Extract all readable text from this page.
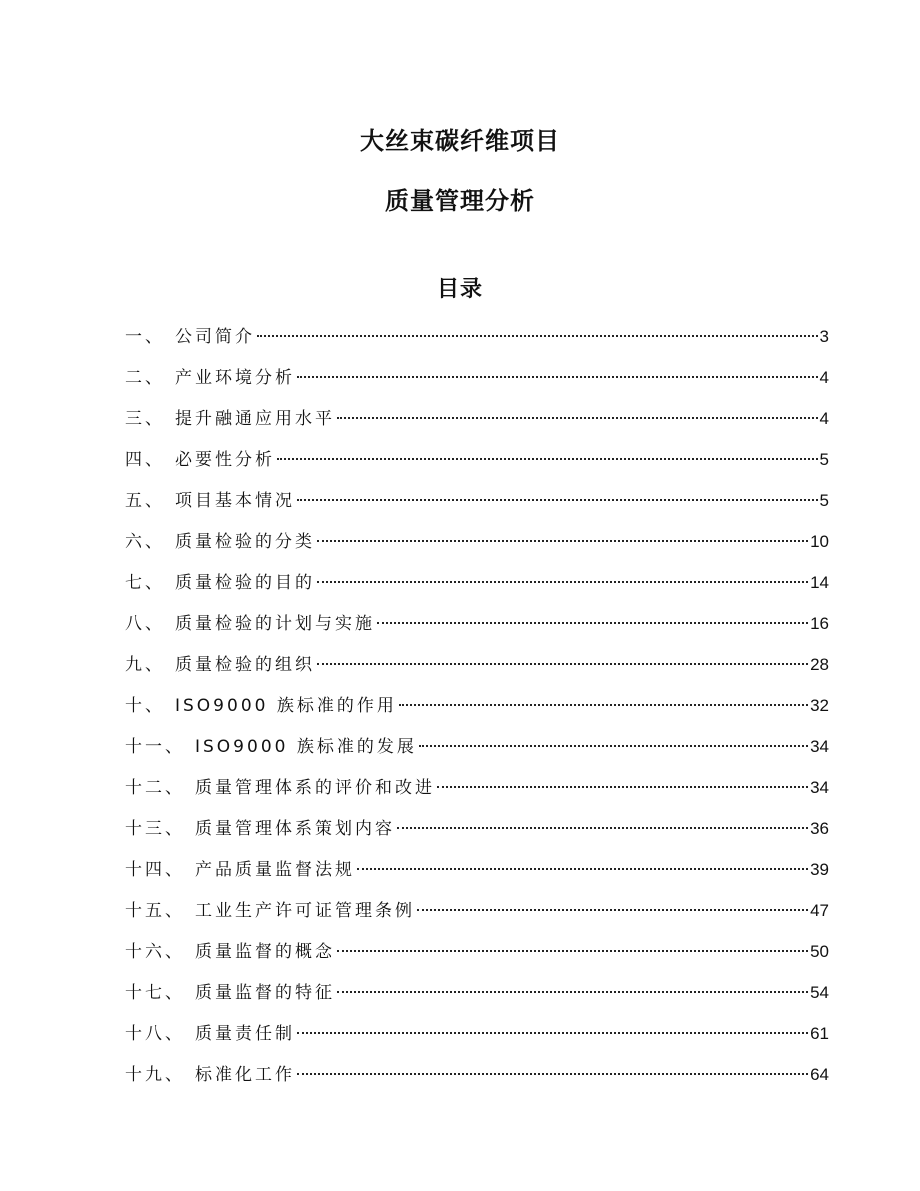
大丝束碳纤维项目
质量管理分析
目录
一、 公司简介	3
二、 产业环境分析	4
三、 提升融通应用水平	4
四、 必要性分析	5
五、 项目基本情况	5
六、 质量检验的分类	10
七、 质量检验的目的	14
八、 质量检验的计划与实施	16
九、 质量检验的组织	28
十、 ISO9000 族标准的作用	32
十一、 ISO9000 族标准的发展	34
十二、 质量管理体系的评价和改进	34
十三、 质量管理体系策划内容	36
十四、 产品质量监督法规	39
十五、 工业生产许可证管理条例	47
十六、 质量监督的概念	50
十七、 质量监督的特征	54
十八、 质量责任制	61
十九、 标准化工作	64
